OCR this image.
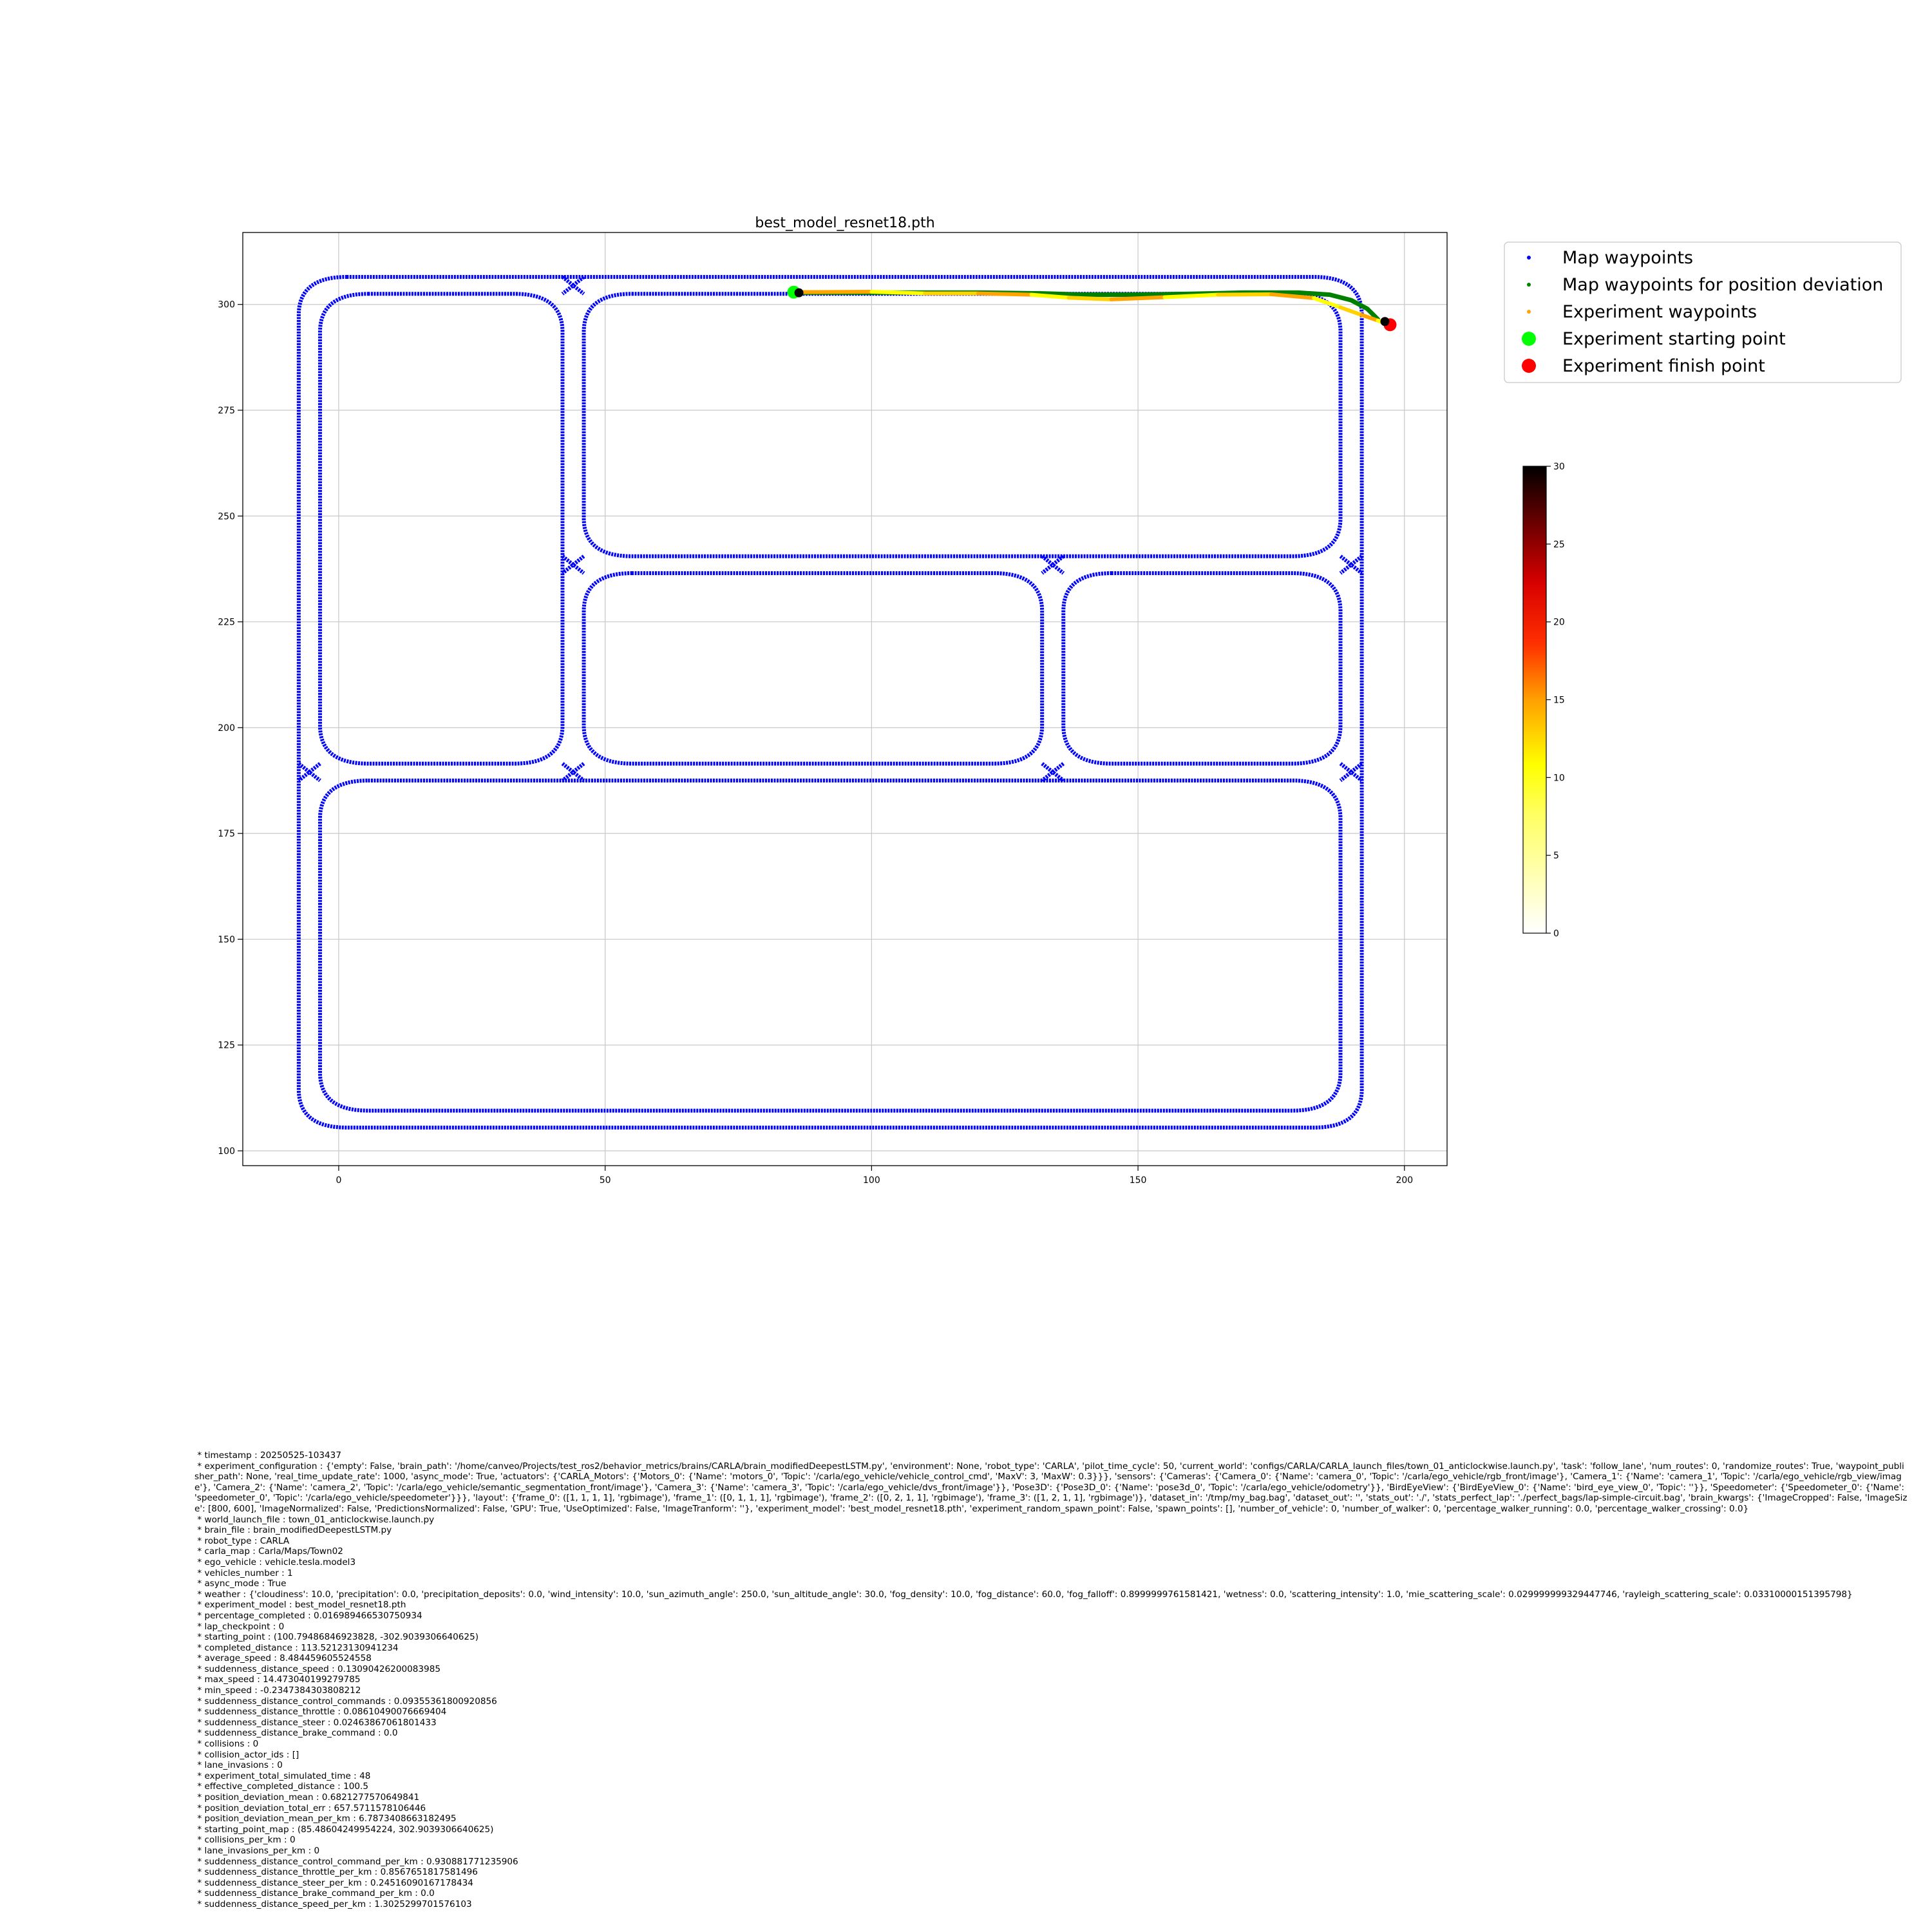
best_model_resnet18.pth
0	50	100	150	200
100
125
150
175
200
225
250
275
300
Map waypoints
Map waypoints for position deviation
Experiment waypoints
Experiment starting point
Experiment finish point
0
5
10
15
20
25
30
* timestamp : 20250525-103437
* experiment_configuration : {'empty': False, 'brain_path': '/home/canveo/Projects/test_ros2/behavior_metrics/brains/CARLA/brain_modifiedDeepestLSTM.py', 'environment': None, 'robot_type': 'CARLA', 'pilot_time_cycle': 50, 'current_world': 'configs/CARLA/CARLA_launch_files/town_01_anticlockwise.launch.py', 'task': 'follow_lane', 'num_routes': 0, 'randomize_routes': True, 'waypoint_publisher_path': None, 'real_time_update_rate': 1000, 'async_mode': True, 'actuators': {'CARLA_Motors': {'Motors_0': {'Name': 'motors_0', 'Topic': '/carla/ego_vehicle/vehicle_control_cmd', 'MaxV': 3, 'MaxW': 0.3}}}, 'sensors': {'Cameras': {'Camera_0': {'Name': 'camera_0', 'Topic': '/carla/ego_vehicle/rgb_front/image'}, 'Camera_1': {'Name': 'camera_1', 'Topic': '/carla/ego_vehicle/rgb_view/image'}, 'Camera_2': {'Name': 'camera_2', 'Topic': '/carla/ego_vehicle/semantic_segmentation_front/image'}, 'Camera_3': {'Name': 'camera_3', 'Topic': '/carla/ego_vehicle/dvs_front/image'}}, 'Pose3D': {'Pose3D_0': {'Name': 'pose3d_0', 'Topic': '/carla/ego_vehicle/odometry'}}, 'BirdEyeView': {'BirdEyeView_0': {'Name': 'bird_eye_view_0', 'Topic': ''}}, 'Speedometer': {'Speedometer_0': {'Name': 'speedometer_0', 'Topic': '/carla/ego_vehicle/speedometer'}}}, 'layout': {'frame_0': ([1, 1, 1, 1], 'rgbimage'), 'frame_1': ([0, 1, 1, 1], 'rgbimage'), 'frame_2': ([0, 2, 1, 1], 'rgbimage'), 'frame_3': ([1, 2, 1, 1], 'rgbimage')}, 'dataset_in': '/tmp/my_bag.bag', 'dataset_out': '', 'stats_out': './', 'stats_perfect_lap': './perfect_bags/lap-simple-circuit.bag', 'brain_kwargs': {'ImageCropped': False, 'ImageSize': [800, 600], 'ImageNormalized': False, 'PredictionsNormalized': False, 'GPU': True, 'UseOptimized': False, 'ImageTranform': ''}, 'experiment_model': 'best_model_resnet18.pth', 'experiment_random_spawn_point': False, 'spawn_points': [], 'number_of_vehicle': 0, 'number_of_walker': 0, 'percentage_walker_running': 0.0, 'percentage_walker_crossing': 0.0}
* world_launch_file : town_01_anticlockwise.launch.py
* brain_file : brain_modifiedDeepestLSTM.py
* robot_type : CARLA
* carla_map : Carla/Maps/Town02
* ego_vehicle : vehicle.tesla.model3
* vehicles_number : 1
* async_mode : True
* weather : {'cloudiness': 10.0, 'precipitation': 0.0, 'precipitation_deposits': 0.0, 'wind_intensity': 10.0, 'sun_azimuth_angle': 250.0, 'sun_altitude_angle': 30.0, 'fog_density': 10.0, 'fog_distance': 60.0, 'fog_falloff': 0.8999999761581421, 'wetness': 0.0, 'scattering_intensity': 1.0, 'mie_scattering_scale': 0.029999999329447746, 'rayleigh_scattering_scale': 0.03310000151395798}
* experiment_model : best_model_resnet18.pth
* percentage_completed : 0.016989466530750934
* lap_checkpoint : 0
* starting_point : (100.79486846923828, -302.9039306640625)
* completed_distance : 113.52123130941234
* average_speed : 8.484459605524558
* suddenness_distance_speed : 0.13090426200083985
* max_speed : 14.473040199279785
* min_speed : -0.2347384303808212
* suddenness_distance_control_commands : 0.09355361800920856
* suddenness_distance_throttle : 0.08610490076669404
* suddenness_distance_steer : 0.02463867061801433
* suddenness_distance_brake_command : 0.0
* collisions : 0
* collision_actor_ids : []
* lane_invasions : 0
* experiment_total_simulated_time : 48
* effective_completed_distance : 100.5
* position_deviation_mean : 0.6821277570649841
* position_deviation_total_err : 657.5711578106446
* position_deviation_mean_per_km : 6.7873408663182495
* starting_point_map : (85.48604249954224, 302.9039306640625)
* collisions_per_km : 0
* lane_invasions_per_km : 0
* suddenness_distance_control_command_per_km : 0.930881771235906
* suddenness_distance_throttle_per_km : 0.8567651817581496
* suddenness_distance_steer_per_km : 0.24516090167178434
* suddenness_distance_brake_command_per_km : 0.0
* suddenness_distance_speed_per_km : 1.3025299701576103
